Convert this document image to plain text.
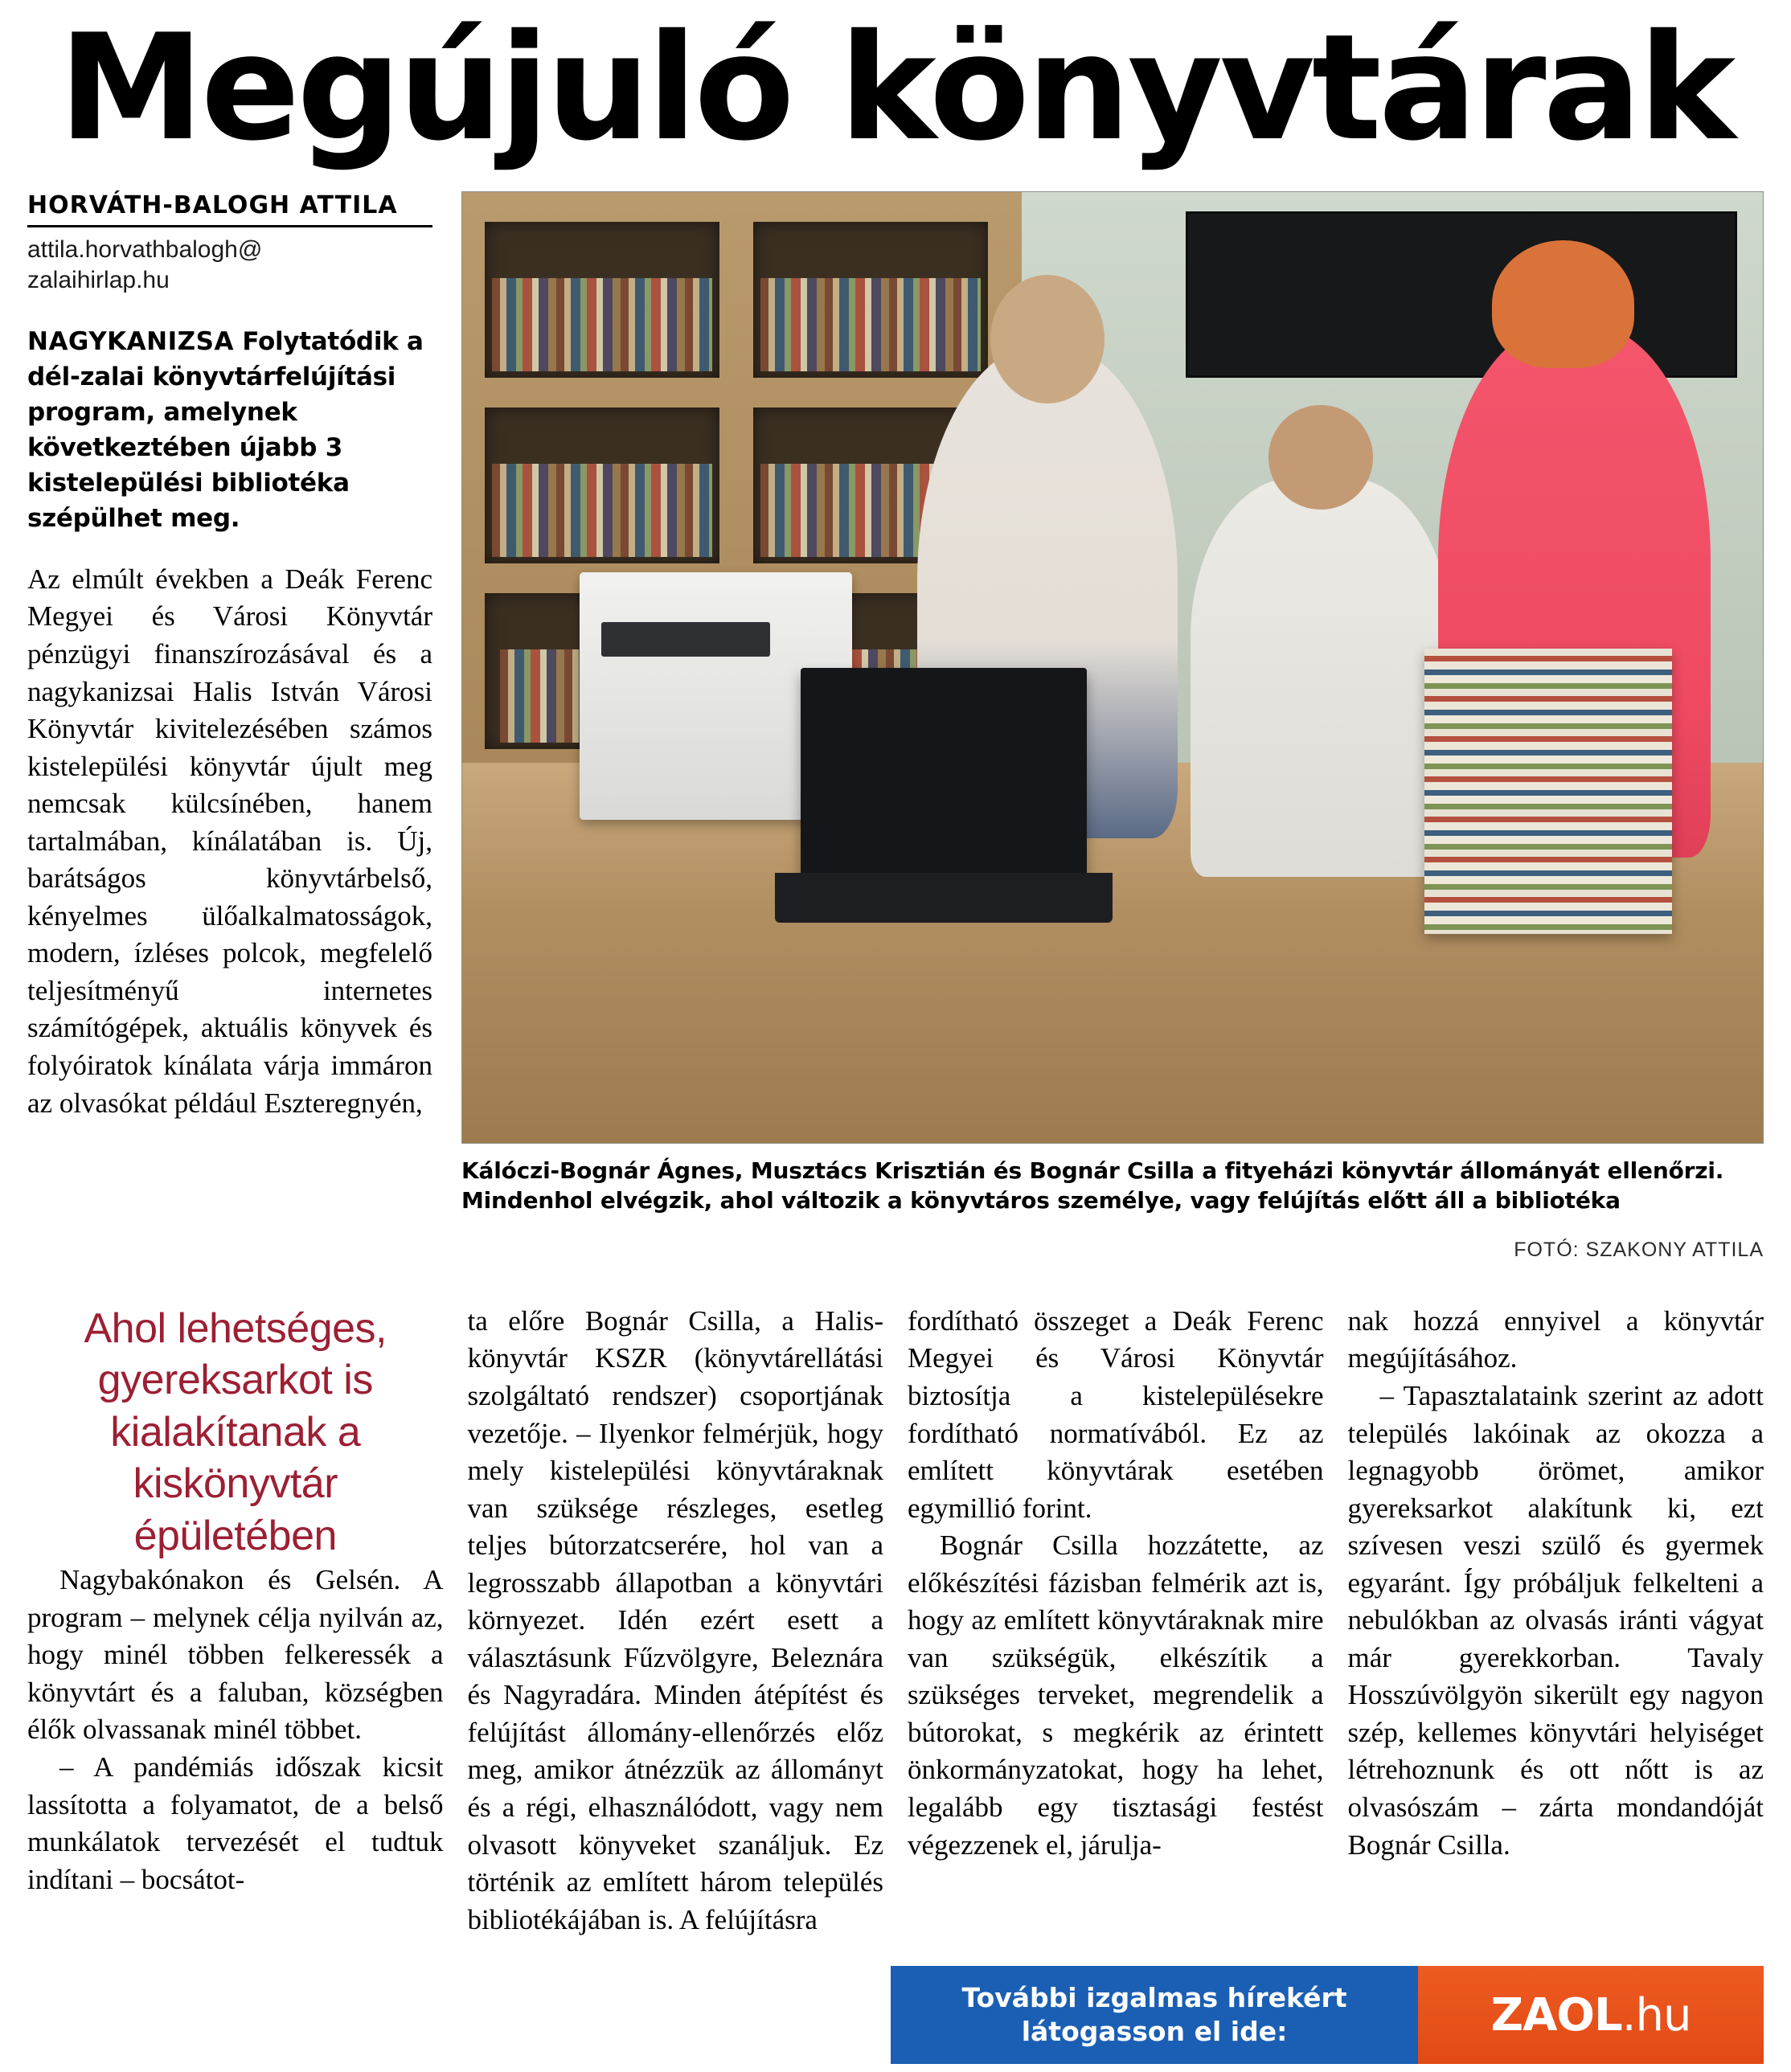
Megújuló könyvtárak
HORVÁTH-BALOGH ATTILA
attila.horvathbalogh@
zalaihirlap.hu

NAGYKANIZSA Folytatódik a dél-zalai könyvtárfelújítási program, amelynek következtében újabb 3 kistelepülési bibliotéka szépülhet meg.

Az elmúlt években a Deák Ferenc Megyei és Városi Könyvtár pénzügyi finanszírozásával és a nagykanizsai Halis István Városi Könyvtár kivitelezésében számos kistelepülési könyvtár újult meg nemcsak külcsínében, hanem tartalmában, kínálatában is. Új, barátságos könyvtárbelső, kényelmes ülőalkalmatosságok, modern, ízléses polcok, megfelelő teljesítményű internetes számítógépek, aktuális könyvek és folyóiratok kínálata várja immáron az olvasókat például Eszteregnyén,

Kálóczi-Bognár Ágnes, Musztács Krisztián és Bognár Csilla a fityeházi könyvtár állományát ellenőrzi. Mindenhol elvégzik, ahol változik a könyvtáros személye, vagy felújítás előtt áll a bibliotéka

FOTÓ: SZAKONY ATTILA

Ahol lehetséges, gyereksarkot is kialakítanak a kiskönyvtár épületében

Nagybakónakon és Gelsén. A program – melynek célja nyilván az, hogy minél többen felkeressék a könyvtárt és a faluban, községben élők olvassanak minél többet.

– A pandémiás időszak kicsit lassította a folyamatot, de a belső munkálatok tervezését el tudtuk indítani – bocsátot-

ta előre Bognár Csilla, a Halis-könyvtár KSZR (könyvtárellátási szolgáltató rendszer) csoportjának vezetője. – Ilyenkor felmérjük, hogy mely kistelepülési könyvtáraknak van szüksége részleges, esetleg teljes bútorzatcserére, hol van a legrosszabb állapotban a könyvtári környezet. Idén ezért esett a választásunk Fűzvölgyre, Beleznára és Nagyradára. Minden átépítést és felújítást állomány-ellenőrzés előz meg, amikor átnézzük az állományt és a régi, elhasználódott, vagy nem olvasott könyveket szanáljuk. Ez történik az említett három település bibliotékájában is. A felújításra

fordítható összeget a Deák Ferenc Megyei és Városi Könyvtár biztosítja a kistelepülésekre fordítható normatívából. Ez az említett könyvtárak esetében egymillió forint.

Bognár Csilla hozzátette, az előkészítési fázisban felmérik azt is, hogy az említett könyvtáraknak mire van szükségük, elkészítik a szükséges terveket, megrendelik a bútorokat, s megkérik az érintett önkormányzatokat, hogy ha lehet, legalább egy tisztasági festést végezzenek el, járulja-

nak hozzá ennyivel a könyvtár megújításához.

– Tapasztalataink szerint az adott település lakóinak az okozza a legnagyobb örömet, amikor gyereksarkot alakítunk ki, ezt szívesen veszi szülő és gyermek egyaránt. Így próbáljuk felkelteni a nebulókban az olvasás iránti vágyat már gyerekkorban. Tavaly Hosszúvölgyön sikerült egy nagyon szép, kellemes könyvtári helyiséget létrehoznunk és ott nőtt is az olvasószám – zárta mondandóját Bognár Csilla.

További izgalmas hírekért
látogasson el ide:	ZAOL .hu
